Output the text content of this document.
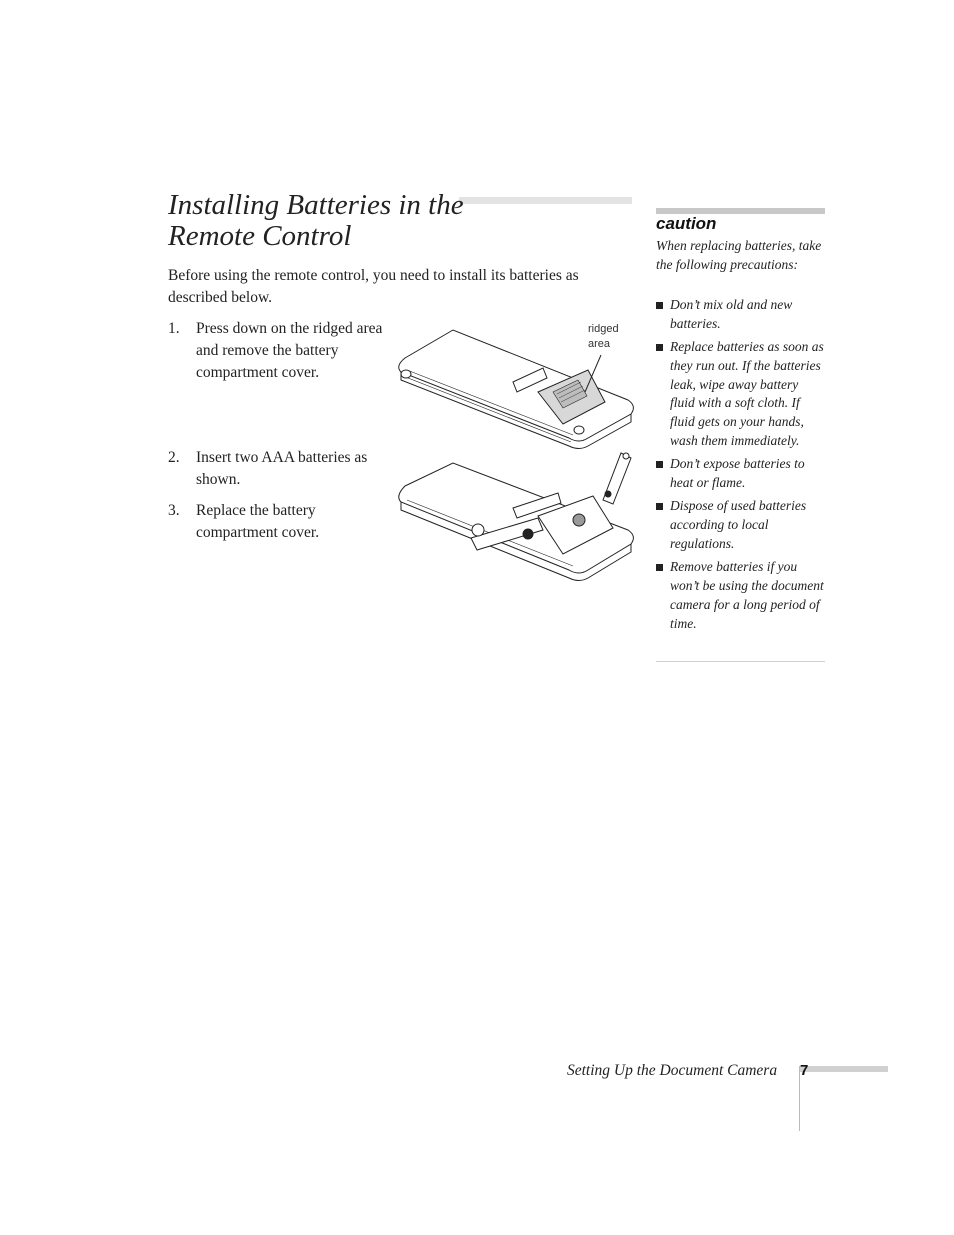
Installing Batteries in the
Remote Control

Before using the remote control, you need to install its batteries as described below.

1. Press down on the ridged area and remove the battery compartment cover.
2. Insert two AAA batteries as shown.
3. Replace the battery compartment cover.
ridged
area
caution

When replacing batteries, take the following precautions:

Don’t mix old and new batteries.
Replace batteries as soon as they run out. If the batteries leak, wipe away battery fluid with a soft cloth. If fluid gets on your hands, wash them immediately.
Don’t expose batteries to heat or flame.
Dispose of used batteries according to local regulations.
Remove batteries if you won’t be using the document camera for a long period of time.
Setting Up the Document Camera 7
